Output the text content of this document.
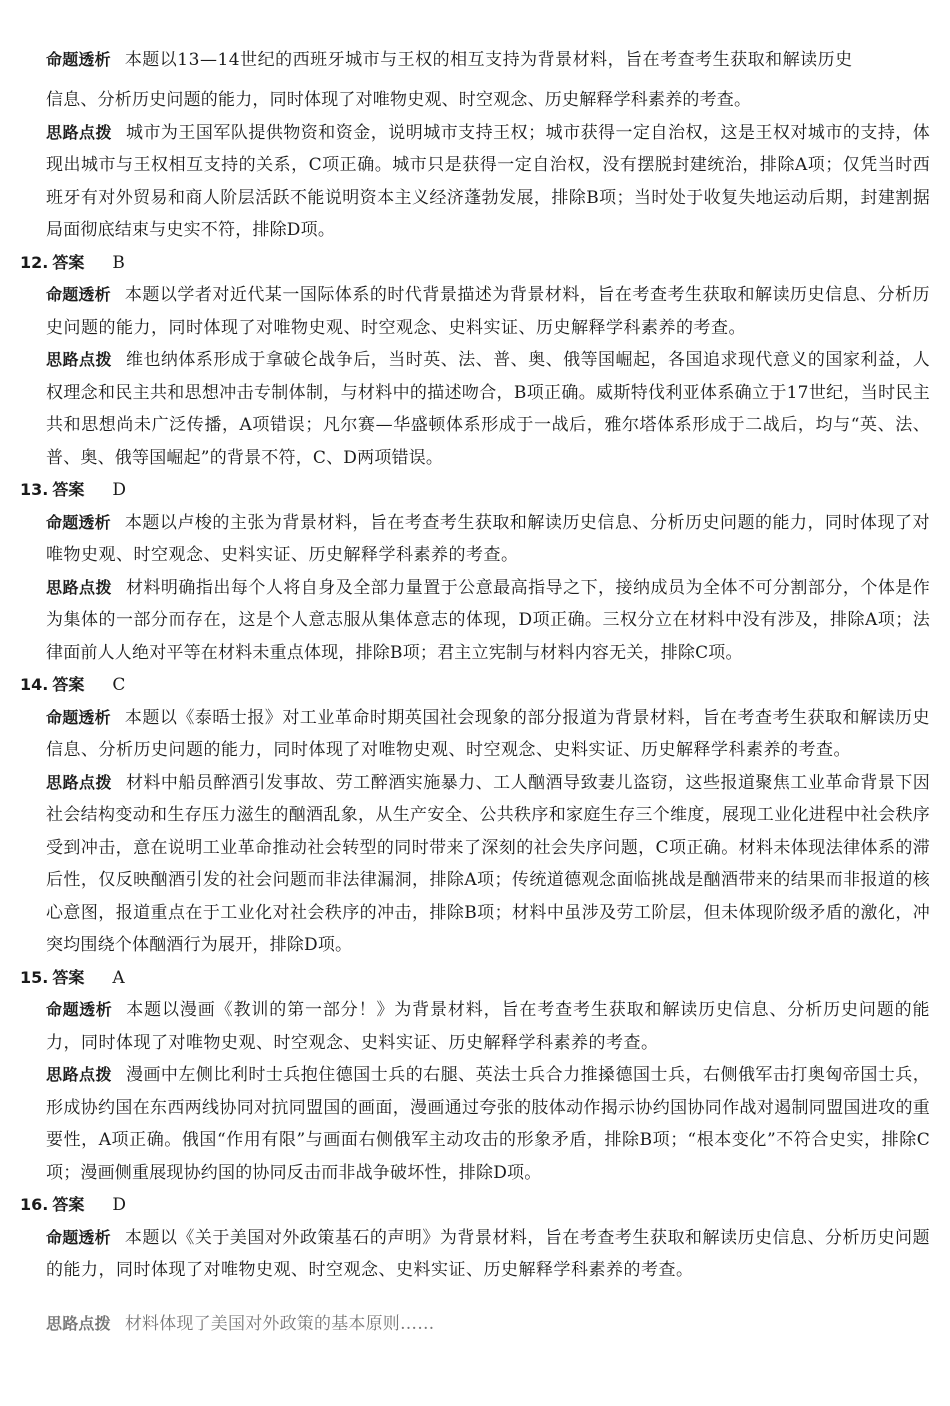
命题透析 本题以13—14世纪的西班牙城市与王权的相互支持为背景材料，旨在考查考生获取和解读历史

信息、分析历史问题的能力，同时体现了对唯物史观、时空观念、历史解释学科素养的考查。

思路点拨 城市为王国军队提供物资和资金，说明城市支持王权；城市获得一定自治权，这是王权对城市的支持，体现出城市与王权相互支持的关系，C项正确。城市只是获得一定自治权，没有摆脱封建统治，排除A项；仅凭当时西班牙有对外贸易和商人阶层活跃不能说明资本主义经济蓬勃发展，排除B项；当时处于收复失地运动后期，封建割据局面彻底结束与史实不符，排除D项。

12. 答案 B

命题透析 本题以学者对近代某一国际体系的时代背景描述为背景材料，旨在考查考生获取和解读历史信息、分析历史问题的能力，同时体现了对唯物史观、时空观念、史料实证、历史解释学科素养的考查。

思路点拨 维也纳体系形成于拿破仑战争后，当时英、法、普、奥、俄等国崛起，各国追求现代意义的国家利益，人权理念和民主共和思想冲击专制体制，与材料中的描述吻合，B项正确。威斯特伐利亚体系确立于17世纪，当时民主共和思想尚未广泛传播，A项错误；凡尔赛—华盛顿体系形成于一战后，雅尔塔体系形成于二战后，均与“英、法、普、奥、俄等国崛起”的背景不符，C、D两项错误。

13. 答案 D

命题透析 本题以卢梭的主张为背景材料，旨在考查考生获取和解读历史信息、分析历史问题的能力，同时体现了对唯物史观、时空观念、史料实证、历史解释学科素养的考查。

思路点拨 材料明确指出每个人将自身及全部力量置于公意最高指导之下，接纳成员为全体不可分割部分，个体是作为集体的一部分而存在，这是个人意志服从集体意志的体现，D项正确。三权分立在材料中没有涉及，排除A项；法律面前人人绝对平等在材料未重点体现，排除B项；君主立宪制与材料内容无关，排除C项。

14. 答案 C

命题透析 本题以《泰晤士报》对工业革命时期英国社会现象的部分报道为背景材料，旨在考查考生获取和解读历史信息、分析历史问题的能力，同时体现了对唯物史观、时空观念、史料实证、历史解释学科素养的考查。

思路点拨 材料中船员醉酒引发事故、劳工醉酒实施暴力、工人酗酒导致妻儿盗窃，这些报道聚焦工业革命背景下因社会结构变动和生存压力滋生的酗酒乱象，从生产安全、公共秩序和家庭生存三个维度，展现工业化进程中社会秩序受到冲击，意在说明工业革命推动社会转型的同时带来了深刻的社会失序问题，C项正确。材料未体现法律体系的滞后性，仅反映酗酒引发的社会问题而非法律漏洞，排除A项；传统道德观念面临挑战是酗酒带来的结果而非报道的核心意图，报道重点在于工业化对社会秩序的冲击，排除B项；材料中虽涉及劳工阶层，但未体现阶级矛盾的激化，冲突均围绕个体酗酒行为展开，排除D项。

15. 答案 A

命题透析 本题以漫画《教训的第一部分！》为背景材料，旨在考查考生获取和解读历史信息、分析历史问题的能力，同时体现了对唯物史观、时空观念、史料实证、历史解释学科素养的考查。

思路点拨 漫画中左侧比利时士兵抱住德国士兵的右腿、英法士兵合力推搡德国士兵，右侧俄军击打奥匈帝国士兵，形成协约国在东西两线协同对抗同盟国的画面，漫画通过夸张的肢体动作揭示协约国协同作战对遏制同盟国进攻的重要性，A项正确。俄国“作用有限”与画面右侧俄军主动攻击的形象矛盾，排除B项；“根本变化”不符合史实，排除C项；漫画侧重展现协约国的协同反击而非战争破坏性，排除D项。

16. 答案 D

命题透析 本题以《关于美国对外政策基石的声明》为背景材料，旨在考查考生获取和解读历史信息、分析历史问题的能力，同时体现了对唯物史观、时空观念、史料实证、历史解释学科素养的考查。

思路点拨 材料体现了美国对外政策的基本原则……
